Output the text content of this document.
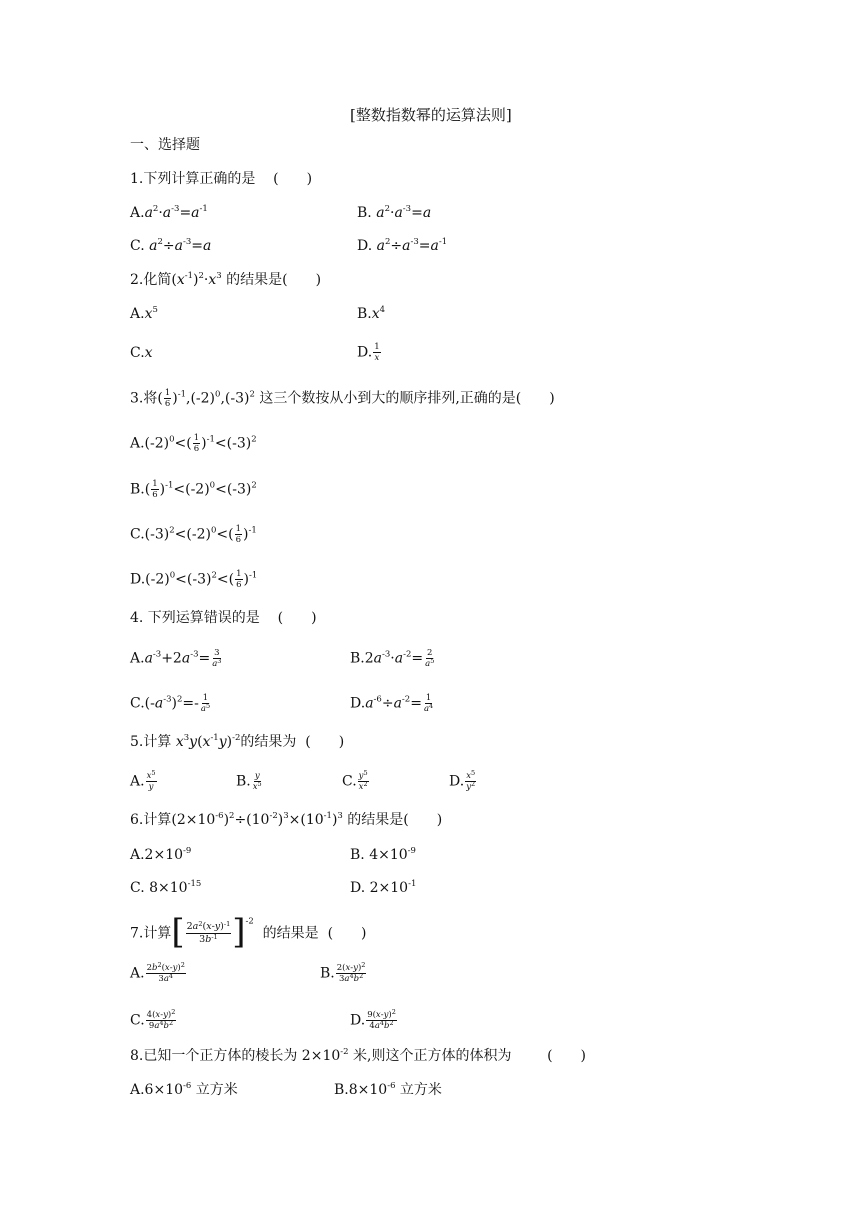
[整数指数幂的运算法则]
一、选择题
1.下列计算正确的是 (　　)
$A.a^2\cdot a^{-3}=a^{-1}$	B. $a^2\cdot a^{-3}=a$
C. $a^2\div a^{-3}=a$	D. $a^2\div a^{-3}=a^{-1}$
2.化简$(x^{-1})^2\cdot x^3$ 的结果是(　　)
$A.x^5$	$B.x^4$
C.x	D. $\frac{1}{x}$
3.将( $\frac{1}{6} )^{-1},(-2)^0,(-3)^2$ 这三个数按从小到大的顺序排列,正确的是(　　)
$A.(-2)^0<( \frac{1}{6} )^{-1}<(-3)^2$
$B.( \frac{1}{6} )^{-1}<(-2)^0<(-3)^2$
$C.(-3)^2<(-2)^0<( \frac{1}{6} )^{-1}$
$D.(-2)^0<(-3)^2<( \frac{1}{6} )^{-1}$
4. 下列运算错误的是 (　　)
$A.a^{-3}+2a^{-3}= \frac{3}{a^3}$	$B.2a^{-3}\cdot a^{-2}= \frac{2}{a^5}$
$C.(-a^{-3})^2=- \frac{1}{a^5}$	$D.a^{-6}\div a^{-2}= \frac{1}{a^4}$
5.计算 $x^3y(x^{-1}y)^{-2}$的结果为 (　　)
A. $\frac{x^5}{y}$	B. $\frac{y}{x^5}$	C. $\frac{y^5}{x^2}$	D. $\frac{x^5}{y^2}$
6.计算$(2\times 10^{-6})^2\div(10^{-2})^3\times(10^{-1})^3$ 的结果是(　　)
$A.2\times 10^{-9}$	B. $4\times 10^{-9}$
C. $8\times 10^{-15}$	D. $2\times 10^{-1}$
7.计算[ $\frac{2a^2(x-y)^{-1}}{3b^{-1}} ]^{-2}$  的结果是 (　　)
A. $\frac{2b^2(x-y)^2}{3a^4}$	B. $\frac{2(x-y)^2}{3a^4b^2}$
C. $\frac{4(x-y)^2}{9a^4b^2}$	D. $\frac{9(x-y)^2}{4a^4b^2}$
8.已知一个正方体的棱长为 $2\times 10^{-2}$ 米,则这个正方体的体积为	(　　)
$A.6\times 10^{-6}$ 立方米	$B.8\times 10^{-6}$ 立方米
